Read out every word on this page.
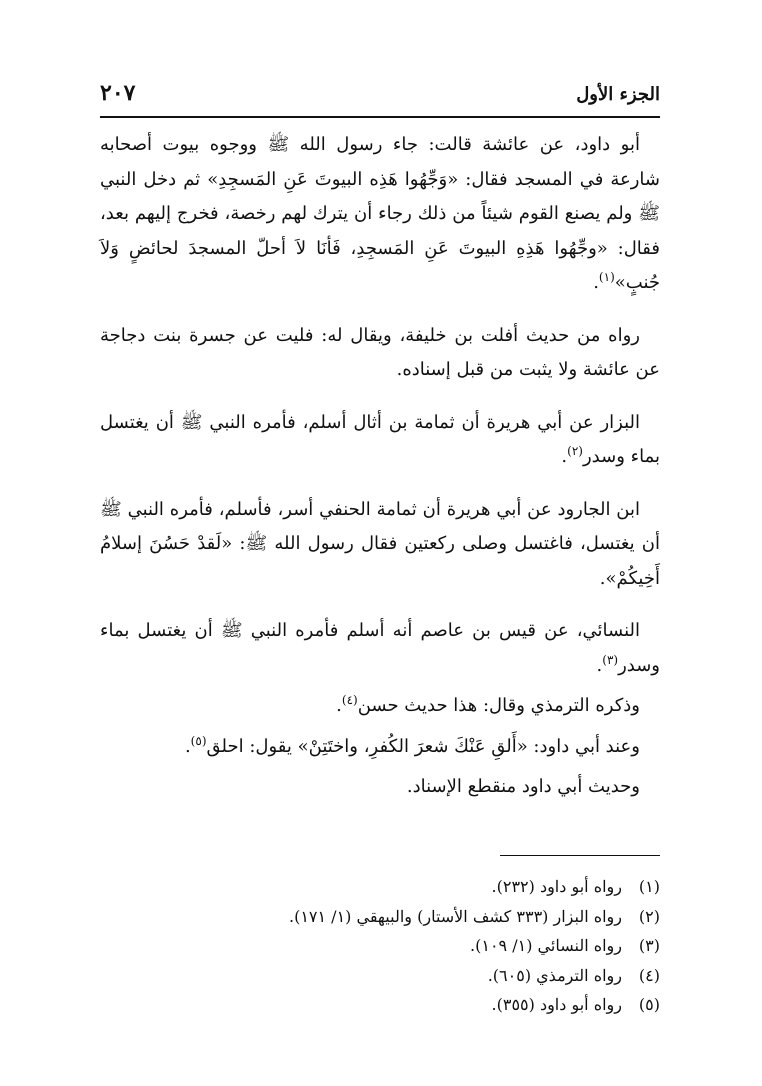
الجزء الأول
٢٠٧

أبو داود، عن عائشة قالت: جاء رسول الله ﷺ ووجوه بيوت أصحابه شارعة في المسجد فقال: «وَجِّهُوا هَذِه البيوتَ عَنِ المَسجِدِ» ثم دخل النبي ﷺ ولم يصنع القوم شيئاً من ذلك رجاء أن يترك لهم رخصة، فخرج إليهم بعد، فقال: «وجِّهُوا هَذِهِ البيوتَ عَنِ المَسجِدِ، فَأنَا لاَ أحلّ المسجدَ لحائضٍ وَلاَ جُنبٍ»$^{(١)}$.

رواه من حديث أفلت بن خليفة، ويقال له: فليت عن جسرة بنت دجاجة عن عائشة ولا يثبت من قبل إسناده.

البزار عن أبي هريرة أن ثمامة بن أثال أسلم، فأمره النبي ﷺ أن يغتسل بماء وسدر$^{(٢)}$.

ابن الجارود عن أبي هريرة أن ثمامة الحنفي أسر، فأسلم، فأمره النبي ﷺ أن يغتسل، فاغتسل وصلى ركعتين فقال رسول الله ﷺ: «لَقدْ حَسُنَ إسلامُ أَخِيكُمْ».

النسائي، عن قيس بن عاصم أنه أسلم فأمره النبي ﷺ أن يغتسل بماء وسدر$^{(٣)}$.

وذكره الترمذي وقال: هذا حديث حسن$^{(٤)}$.

وعند أبي داود: «أَلقِ عَنْكَ شعرَ الكُفرِ، واختَتِنْ» يقول: احلق$^{(٥)}$.

وحديث أبي داود منقطع الإسناد.

(١)
رواه أبو داود (٢٣٢).
(٢)
رواه البزار (٣٣٣ كشف الأستار) والبيهقي (١/ ١٧١).
(٣)
رواه النسائي (١/ ١٠٩).
(٤)
رواه الترمذي (٦٠٥).
(٥)
رواه أبو داود (٣٥٥).
